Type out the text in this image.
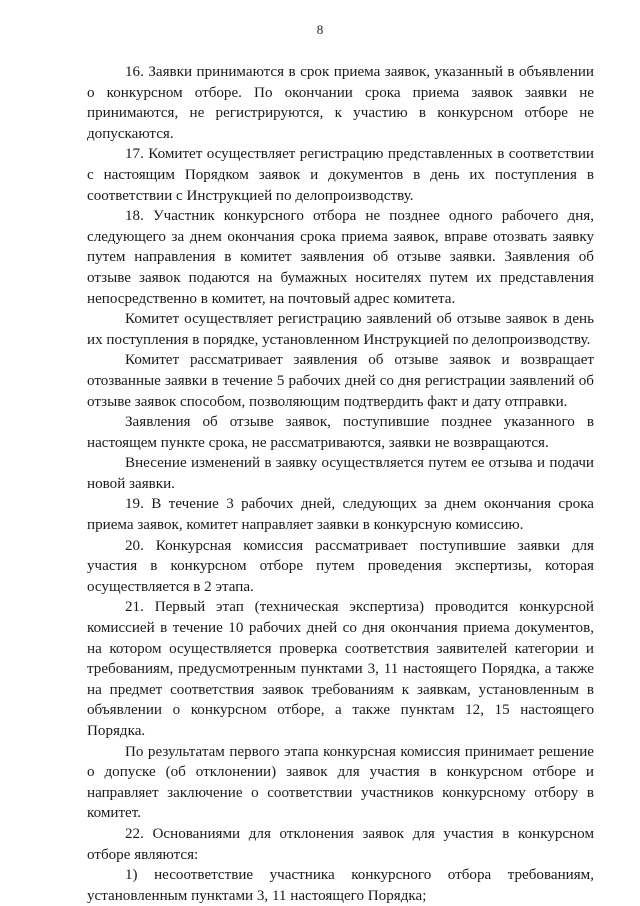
8

16. Заявки принимаются в срок приема заявок, указанный в объявлении о конкурсном отборе. По окончании срока приема заявок заявки не принимаются, не регистрируются, к участию в конкурсном отборе не допускаются.

17. Комитет осуществляет регистрацию представленных в соответствии с настоящим Порядком заявок и документов в день их поступления в соответствии с Инструкцией по делопроизводству.

18. Участник конкурсного отбора не позднее одного рабочего дня, следующего за днем окончания срока приема заявок, вправе отозвать заявку путем направления в комитет заявления об отзыве заявки. Заявления об отзыве заявок подаются на бумажных носителях путем их представления непосредственно в комитет, на почтовый адрес комитета.

Комитет осуществляет регистрацию заявлений об отзыве заявок в день их поступления в порядке, установленном Инструкцией по делопроизводству.

Комитет рассматривает заявления об отзыве заявок и возвращает отозванные заявки в течение 5 рабочих дней со дня регистрации заявлений об отзыве заявок способом, позволяющим подтвердить факт и дату отправки.

Заявления об отзыве заявок, поступившие позднее указанного в настоящем пункте срока, не рассматриваются, заявки не возвращаются.

Внесение изменений в заявку осуществляется путем ее отзыва и подачи новой заявки.

19. В течение 3 рабочих дней, следующих за днем окончания срока приема заявок, комитет направляет заявки в конкурсную комиссию.

20. Конкурсная комиссия рассматривает поступившие заявки для участия в конкурсном отборе путем проведения экспертизы, которая осуществляется в 2 этапа.

21. Первый этап (техническая экспертиза) проводится конкурсной комиссией в течение 10 рабочих дней со дня окончания приема документов, на котором осуществляется проверка соответствия заявителей категории и требованиям, предусмотренным пунктами 3, 11 настоящего Порядка, а также на предмет соответствия заявок требованиям к заявкам, установленным в объявлении о конкурсном отборе, а также пунктам 12, 15 настоящего Порядка.

По результатам первого этапа конкурсная комиссия принимает решение о допуске (об отклонении) заявок для участия в конкурсном отборе и направляет заключение о соответствии участников конкурсному отбору в комитет.

22. Основаниями для отклонения заявок для участия в конкурсном отборе являются:

1) несоответствие участника конкурсного отбора требованиям, установленным пунктами 3, 11 настоящего Порядка;
